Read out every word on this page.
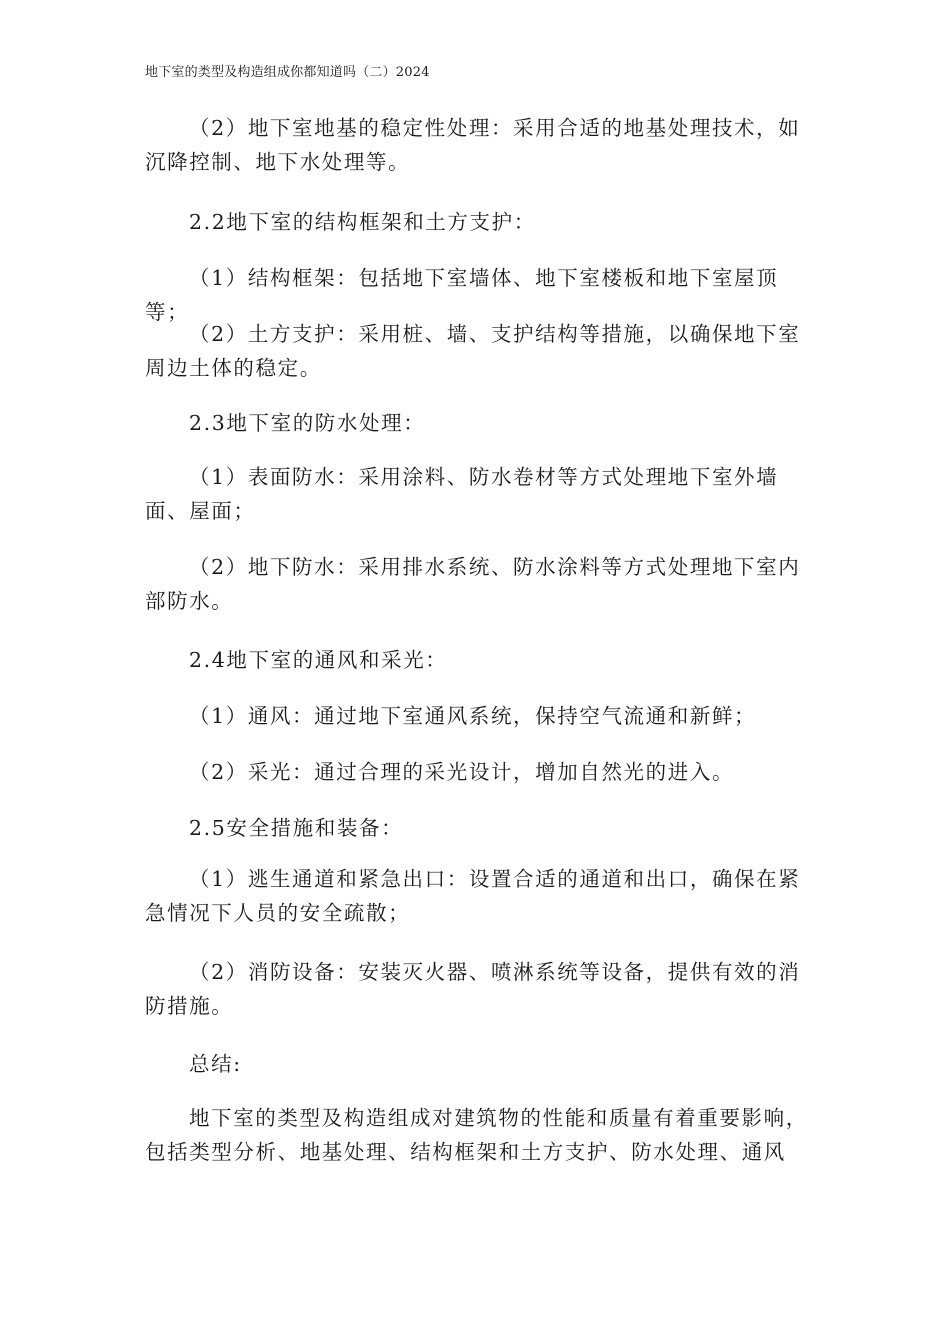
地下室的类型及构造组成你都知道吗（二）2024

（2）地下室地基的稳定性处理：采用合适的地基处理技术，如沉降控制、地下水处理等。

2.2地下室的结构框架和土方支护：

（1）结构框架：包括地下室墙体、地下室楼板和地下室屋顶等；

（2）土方支护：采用桩、墙、支护结构等措施，以确保地下室周边土体的稳定。

2.3地下室的防水处理：

（1）表面防水：采用涂料、防水卷材等方式处理地下室外墙面、屋面；

（2）地下防水：采用排水系统、防水涂料等方式处理地下室内部防水。

2.4地下室的通风和采光：

（1）通风：通过地下室通风系统，保持空气流通和新鲜；

（2）采光：通过合理的采光设计，增加自然光的进入。

2.5安全措施和装备：

（1）逃生通道和紧急出口：设置合适的通道和出口，确保在紧急情况下人员的安全疏散；

（2）消防设备：安装灭火器、喷淋系统等设备，提供有效的消防措施。

总结:

地下室的类型及构造组成对建筑物的性能和质量有着重要影响，包括类型分析、地基处理、结构框架和土方支护、防水处理、通风
